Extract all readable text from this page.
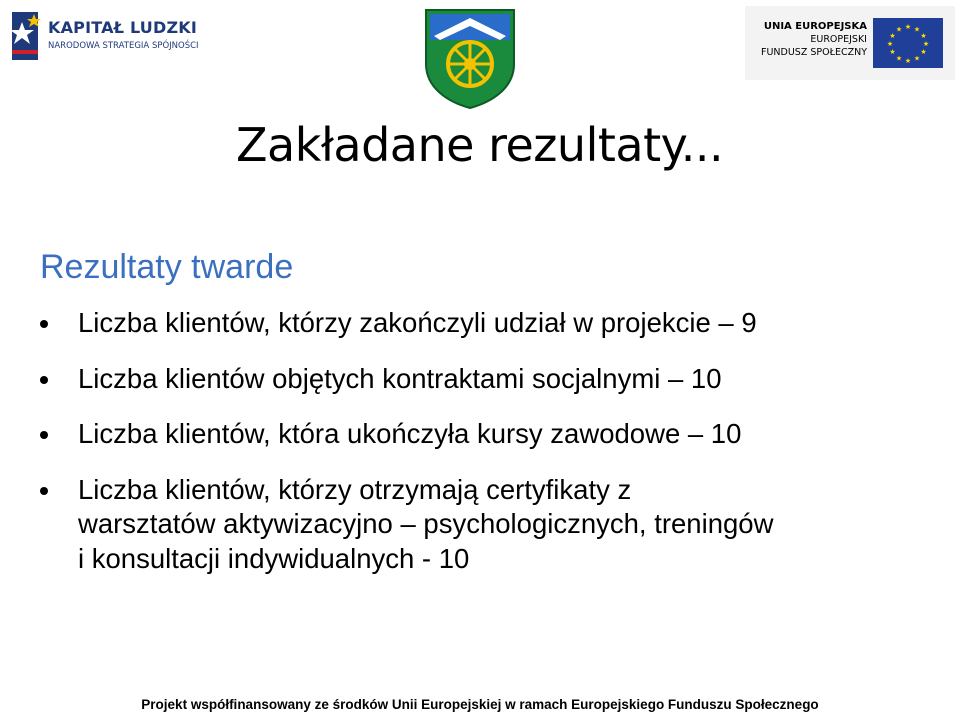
KAPITAŁ LUDZKI
NARODOWA STRATEGIA SPÓJNOŚCI
UNIA EUROPEJSKA
EUROPEJSKI
FUNDUSZ SPOŁECZNY
★ ★
★
★
★
★
★
★
★
★
★
★
Zakładane rezultaty...
Rezultaty twarde
Liczba klientów, którzy zakończyli udział w projekcie – 9
Liczba klientów objętych kontraktami socjalnymi – 10
Liczba klientów, która ukończyła kursy zawodowe – 10
Liczba klientów, którzy otrzymają certyfikaty z
warsztatów aktywizacyjno – psychologicznych, treningów
i konsultacji indywidualnych - 10
Projekt współfinansowany ze środków Unii Europejskiej w ramach Europejskiego Funduszu Społecznego
